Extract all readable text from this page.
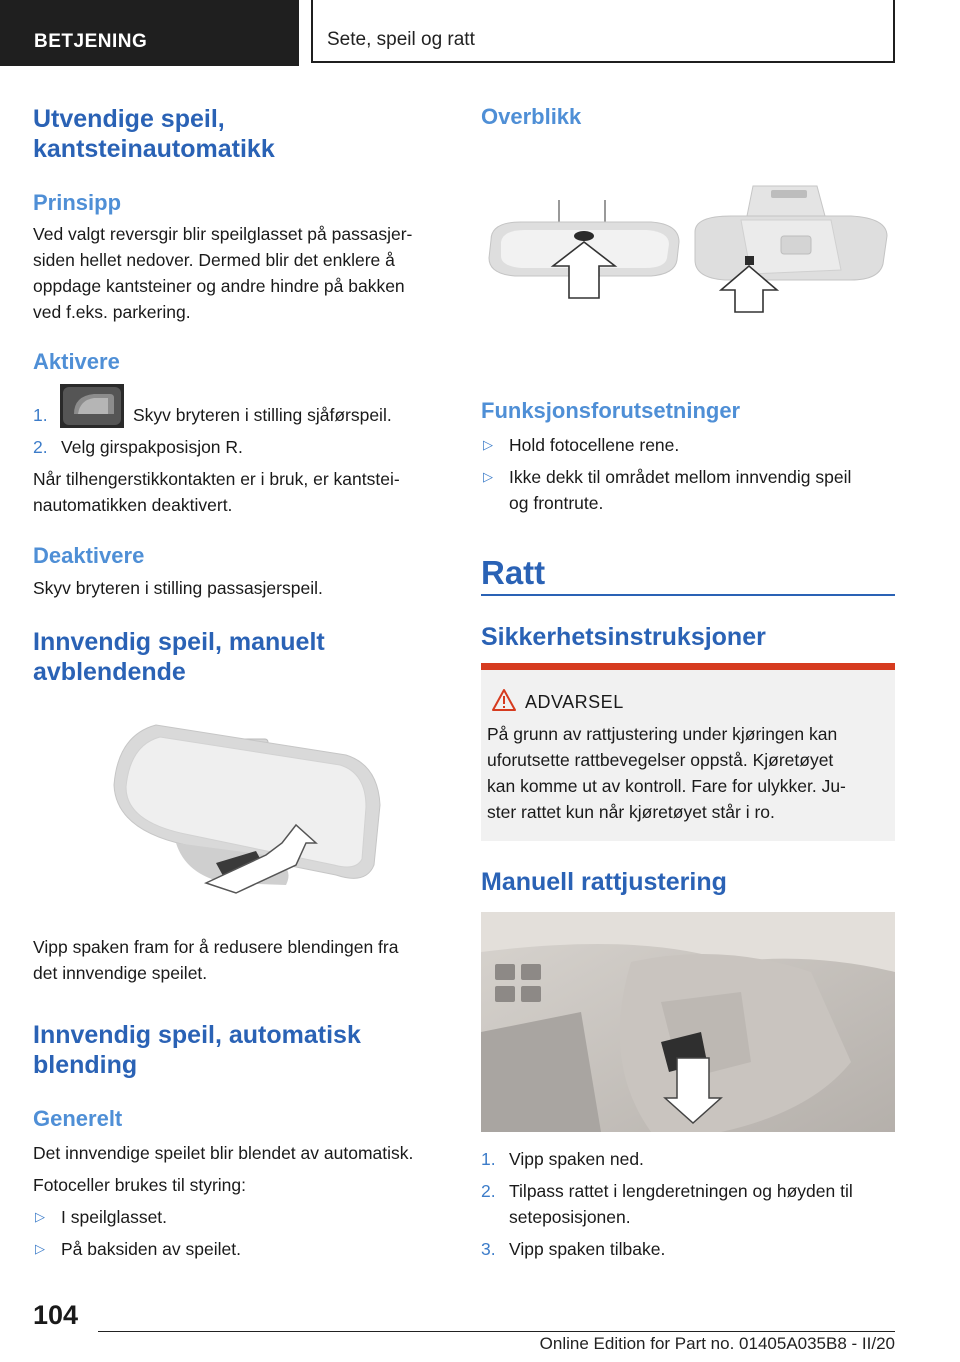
BETJENING	Sete, speil og ratt
Utvendige speil, kantsteinautomatikk
Prinsipp
Ved valgt reversgir blir speilglasset på passasjer-
siden hellet nedover. Dermed blir det enklere å
oppdage kantsteiner og andre hindre på bakken
ved f.eks. parkering.
Aktivere
1.	Skyv bryteren i stilling sjåførspeil.
2. Velg girspakposisjon R.
Når tilhengerstikkontakten er i bruk, er kantstei-
nautomatikken deaktivert.
Deaktivere
Skyv bryteren i stilling passasjerspeil.
Innvendig speil, manuelt avblendende
Vipp spaken fram for å redusere blendingen fra
det innvendige speilet.
Innvendig speil, automatisk blending
Generelt
Det innvendige speilet blir blendet av automatisk.
Fotoceller brukes til styring:
▷ I speilglasset.
▷ På baksiden av speilet.
Overblikk
Funksjonsforutsetninger
▷ Hold fotocellene rene.
▷ Ikke dekk til området mellom innvendig speil
og frontrute.
Ratt
Sikkerhetsinstruksjoner
ADVARSEL
På grunn av rattjustering under kjøringen kan
uforutsette rattbevegelser oppstå. Kjøretøyet
kan komme ut av kontroll. Fare for ulykker. Ju-
ster rattet kun når kjøretøyet står i ro.
Manuell rattjustering
1. Vipp spaken ned.
2. Tilpass rattet i lengderetningen og høyden til
seteposisjonen.
3. Vipp spaken tilbake.
104
Online Edition for Part no. 01405A035B8 - II/20
